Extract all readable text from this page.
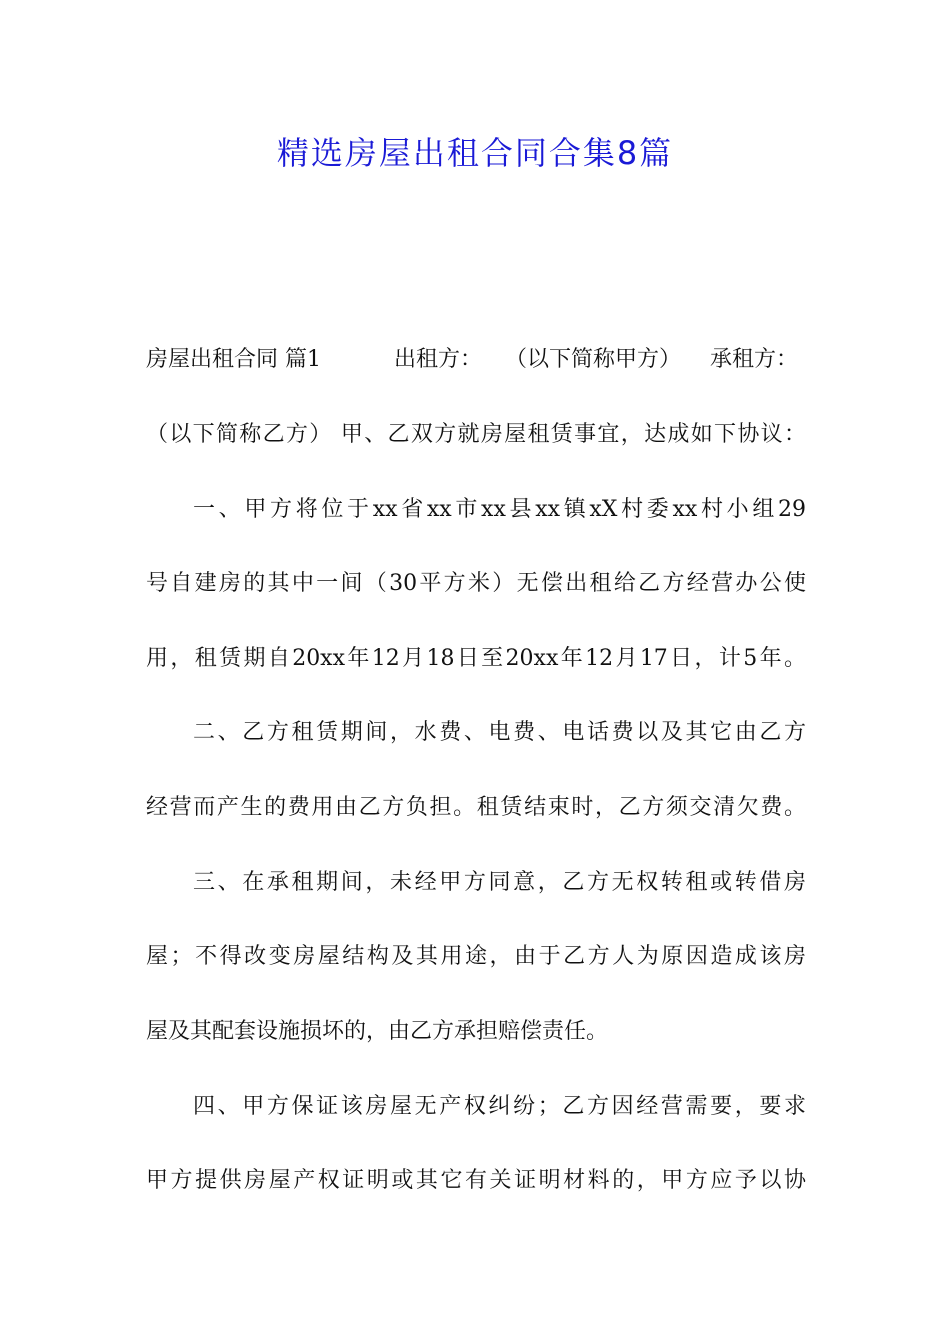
精选房屋出租合同合集8篇
房屋出租合同 篇1	出租方： （以下简称甲方） 承租方：
（以下简称乙方） 甲、乙双方就房屋租赁事宜，达成如下协议：
一、甲方将位于xx省xx市xx县xx镇xX村委xx村小组29
号自建房的其中一间（30平方米）无偿出租给乙方经营办公使
用，租赁期自20xx年12月18日至20xx年12月17日，计5年。
二、乙方租赁期间，水费、电费、电话费以及其它由乙方
经营而产生的费用由乙方负担。租赁结束时，乙方须交清欠费。
三、在承租期间，未经甲方同意，乙方无权转租或转借房
屋；不得改变房屋结构及其用途，由于乙方人为原因造成该房
屋及其配套设施损坏的，由乙方承担赔偿责任。
四、甲方保证该房屋无产权纠纷；乙方因经营需要，要求
甲方提供房屋产权证明或其它有关证明材料的，甲方应予以协
